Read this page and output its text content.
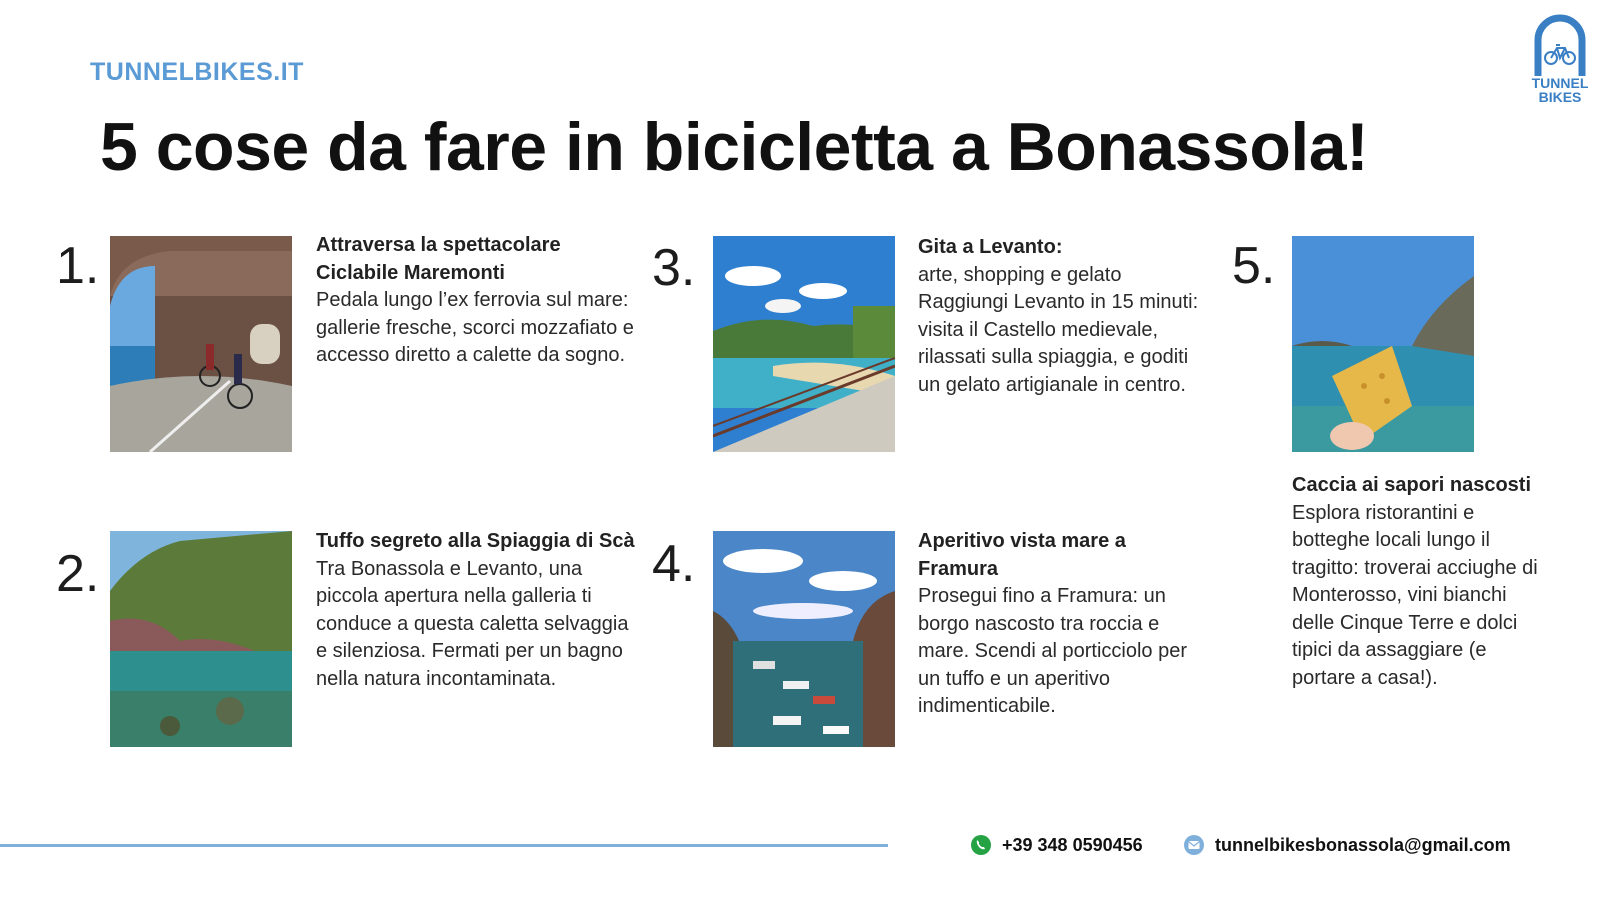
TUNNELBIKES.IT	TUNNEL
BIKES
5 cose da fare in bicicletta a Bonassola!
1.	Attraversa la spettacolare Ciclabile Maremonti
Pedala lungo l’ex ferrovia sul mare: gallerie fresche, scorci mozzafiato e accesso diretto a calette da sogno.
2.
Tuffo segreto alla Spiaggia di Scà
Tra Bonassola e Levanto, una piccola apertura nella galleria ti conduce a questa caletta selvaggia e silenziosa. Fermati per un bagno nella natura incontaminata.
3.	Gita a Levanto:
arte, shopping e gelato
Raggiungi Levanto in 15 minuti: visita il Castello medievale, rilassati sulla spiaggia, e goditi un gelato artigianale in centro.
4.	Aperitivo vista mare a Framura
Prosegui fino a Framura: un borgo nascosto tra roccia e mare. Scendi al porticciolo per un tuffo e un aperitivo indimenticabile.
5.
Caccia ai sapori nascosti
Esplora ristorantini e botteghe locali lungo il tragitto: troverai acciughe di Monterosso, vini bianchi delle Cinque Terre e dolci tipici da assaggiare (e portare a casa!).
+39 348 0590456	tunnelbikesbonassola@gmail.com
